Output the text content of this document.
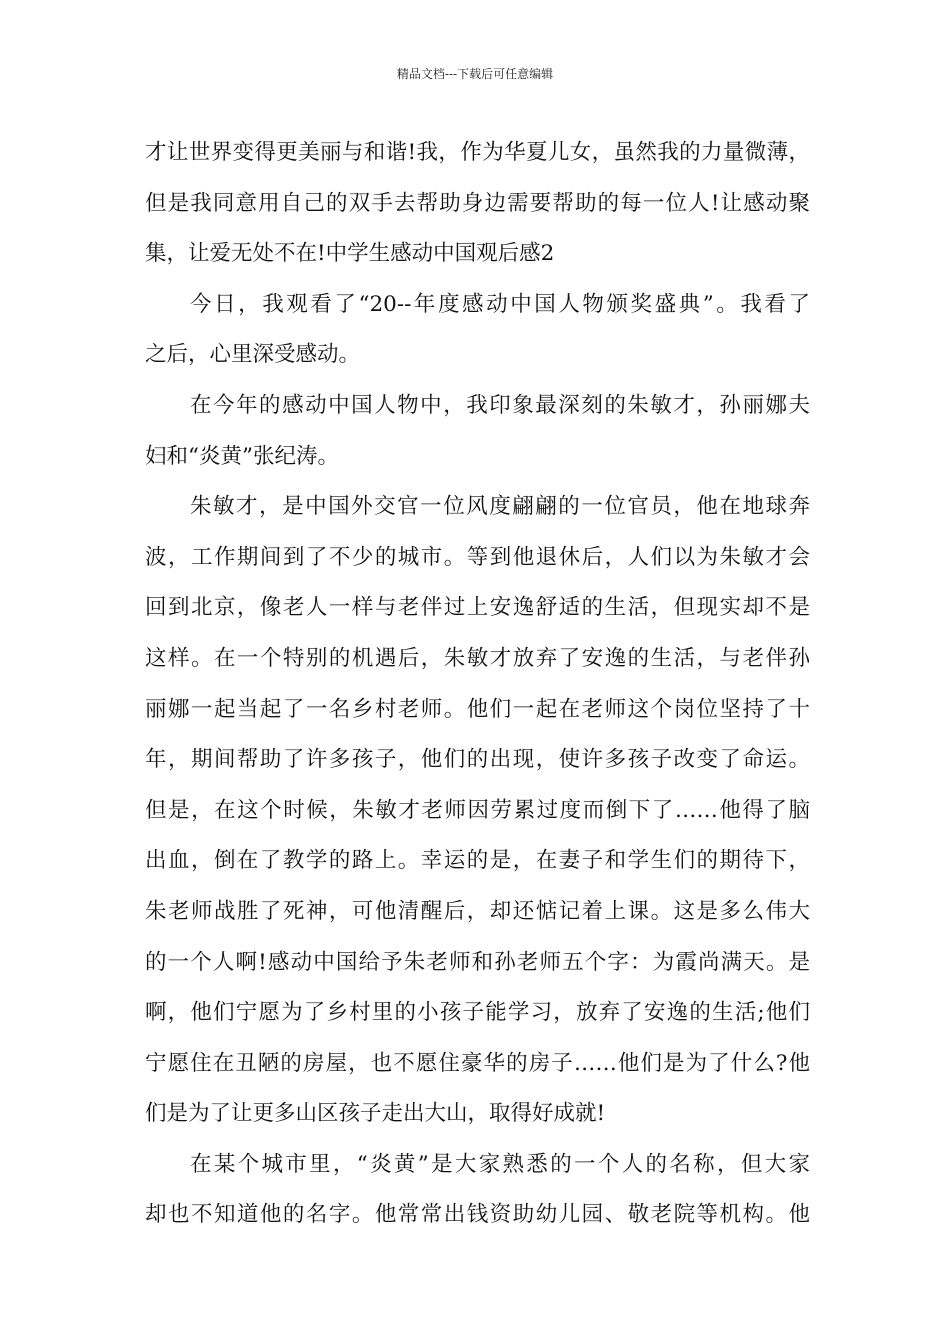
精品文档---下载后可任意编辑
才让世界变得更美丽与和谐!我，作为华夏儿女，虽然我的力量微薄，
但是我同意用自己的双手去帮助身边需要帮助的每一位人!让感动聚
集，让爱无处不在!中学生感动中国观后感2
今日，我观看了“20--年度感动中国人物颁奖盛典”。我看了
之后，心里深受感动。
在今年的感动中国人物中，我印象最深刻的朱敏才，孙丽娜夫
妇和“炎黄”张纪涛。
朱敏才，是中国外交官一位风度翩翩的一位官员，他在地球奔
波，工作期间到了不少的城市。等到他退休后，人们以为朱敏才会
回到北京，像老人一样与老伴过上安逸舒适的生活，但现实却不是
这样。在一个特别的机遇后，朱敏才放弃了安逸的生活，与老伴孙
丽娜一起当起了一名乡村老师。他们一起在老师这个岗位坚持了十
年，期间帮助了许多孩子，他们的出现，使许多孩子改变了命运。
但是，在这个时候，朱敏才老师因劳累过度而倒下了……他得了脑
出血，倒在了教学的路上。幸运的是，在妻子和学生们的期待下，
朱老师战胜了死神，可他清醒后，却还惦记着上课。这是多么伟大
的一个人啊!感动中国给予朱老师和孙老师五个字：为霞尚满天。是
啊，他们宁愿为了乡村里的小孩子能学习，放弃了安逸的生活;他们
宁愿住在丑陋的房屋，也不愿住豪华的房子……他们是为了什么?他
们是为了让更多山区孩子走出大山，取得好成就!
在某个城市里，“炎黄”是大家熟悉的一个人的名称，但大家
却也不知道他的名字。他常常出钱资助幼儿园、敬老院等机构。他
